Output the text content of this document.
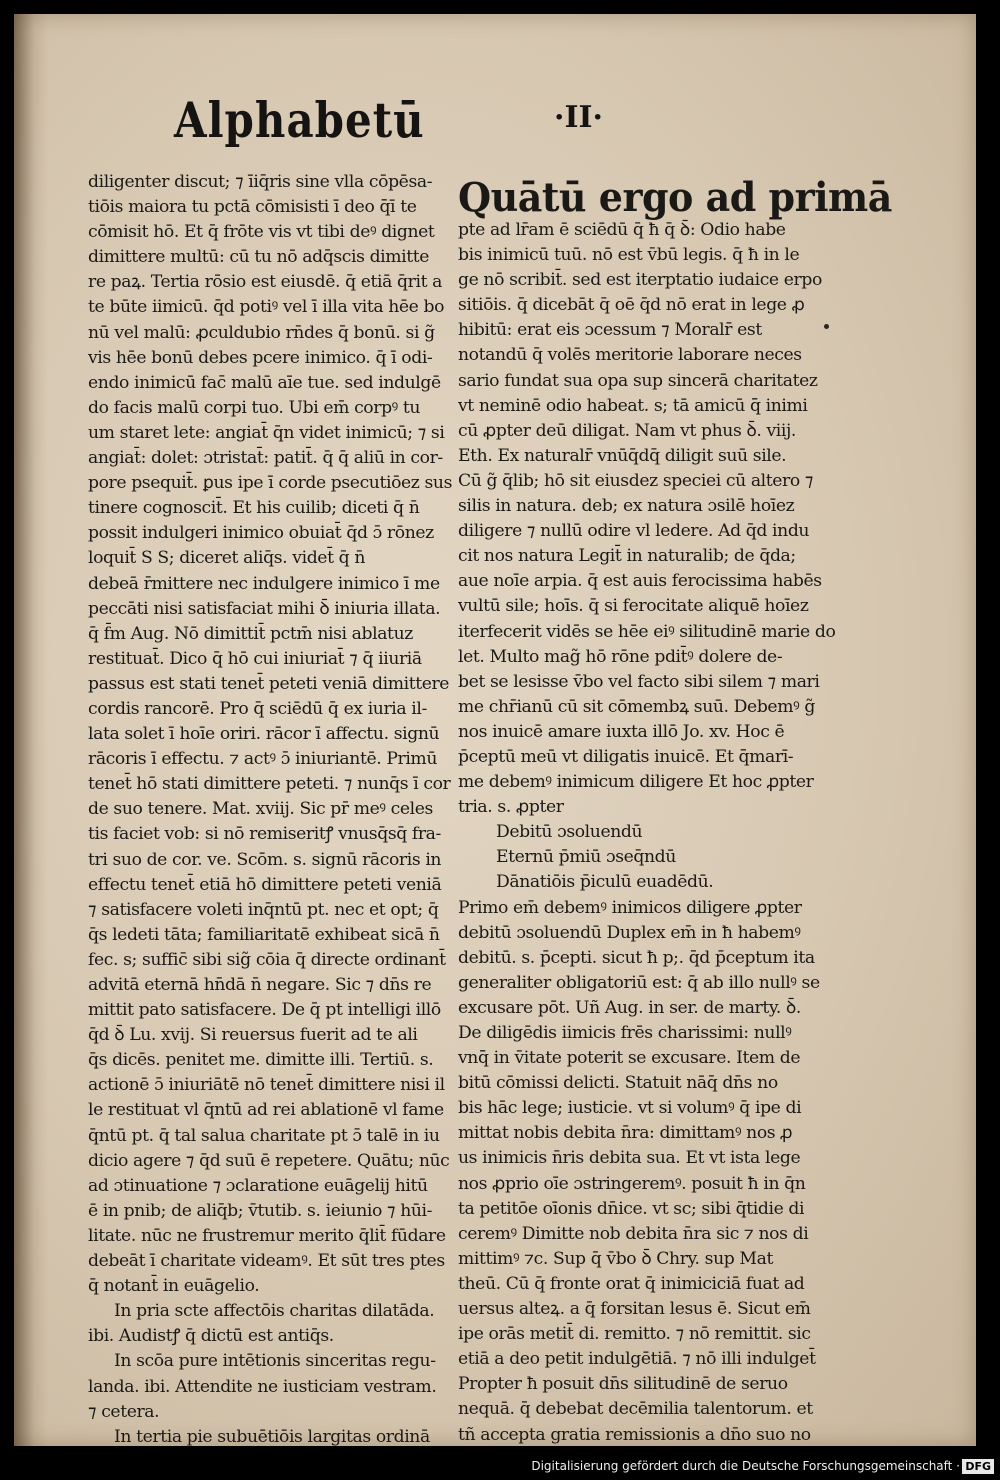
Alphabetū	·II·
diligenter discut; ⁊ īiq̄ris sine vlla cōpēsa-
tiōis maiora tu pctā cōmisisti ī deo q̄̄ī te
cōmisit hō. Et q̄ frōte vis vt tibi deꝰ dignet
dimittere multū: cū tu nō adq̄scis dimitte
re paꝝ. Tertia rōsio est eiusdē. q̄ etiā q̄rit a
te būte iimicū. q̄d potiꝰ vel ī illa vita hēe bo
nū vel malū: ꝓculdubio rn̄des q̄ bonū. si g̃
vis hēe bonū debes pcere inimico. q̄ ī odi-
endo inimicū fac̄ malū aīe tue. sed indulgē
do facis malū corpi tuo. Ubi em̄ corpꝰ tu
um staret lete: angiat̄ q̄n videt inimicū; ⁊ si
angiat̄: dolet: ɔtristat̄: patit̄. q̄ q̄ aliū in cor-
pore psequit̄. ꝑus ipe ī corde psecutiōez sus
tinere cognoscit̄. Et his cuilib; diceti q̄ n̄
possit indulgeri inimico obuiat̄ q̄d ɔ̄ rōnez
loquit̄ S S; diceret aliq̄s. videt̄ q̄ n̄
debeā r̄mittere nec indulgere inimico ī me
peccāti nisi satisfaciat mihi ꝺ̄ iniuria illata.
q̄ f̄m Aug. Nō dimittit̄ pctm̄ nisi ablatuz
restituat̄. Dico q̄ hō cui iniuriat̄ ⁊ q̄ iiuriā
passus est stati tenet̄ peteti veniā dimittere
cordis rancorē. Pro q̄ sciēdū q̄ ex iuria il-
lata solet ī hoīe oriri. rācor ī affectu. signū
rācoris ī effectu. ⁊ actꝰ ɔ̄ iniuriantē. Primū
tenet̄ hō stati dimittere peteti. ⁊ nunq̄s ī cor
de suo tenere. Mat. xviij. Sic pr̄ meꝰ celes
tis faciet vob: si nō remiseritꝭ vnusq̄sq̄ fra-
tri suo de cor. ve. Scōm. s. signū rācoris in
effectu tenet̄ etiā hō dimittere peteti veniā
⁊ satisfacere voleti inq̄ntū pt. nec et opt; q̄
q̄s ledeti tāta; familiaritatē exhibeat sicā n̄
fec. s; suffic̄ sibi sig̃ cōia q̄ directe ordinant̄
advitā eternā hn̄dā n̄ negare. Sic ⁊ dn̄s re
mittit pato satisfacere. De q̄ pt intelligi illō
q̄d ꝺ̄ Lu. xvij. Si reuersus fuerit ad te ali
q̄s dicēs. penitet me. dimitte illi. Tertiū. s.
actionē ɔ̄ iniuriātē nō tenet̄ dimittere nisi il
le restituat vl q̄ntū ad rei ablationē vl fame
q̄ntū pt. q̄ tal salua charitate pt ɔ̄ talē in iu
dicio agere ⁊ q̄d suū ē repetere. Quātu; nūc
ad ɔtinuatione ⁊ ɔclaratione euāgelij hitū
ē in pnib; de aliq̄b; v̄tutib. s. ieiunio ⁊ hūi-
litate. nūc ne frustremur merito q̄lit̄ fūdare
debeāt ī charitate videamꝰ. Et sūt tres ptes
q̄ notant̄ in euāgelio.
In pria scte affectōis charitas dilatāda.
ibi. Audistꝭ q̄ dictū est antiq̄s.
In scōa pure intētionis sinceritas regu-
landa. ibi. Attendite ne iusticiam vestram.
⁊ cetera.
In tertia pie subuētiōis largitas ordinā
Quātū ergo ad primā
pte ad lr̄am ē sciēdū q̄ ħ q̄ ꝺ̄: Odio habe
bis inimicū tuū. nō est v̄bū legis. q̄ ħ in le
ge nō scribit̄. sed est iterptatio iudaice erpo
sitiōis. q̄ dicebāt q̄ oē q̄d nō erat in lege ꝓ
hibitū: erat eis ɔcessum ⁊ Moralr̄ est
notandū q̄ volēs meritorie laborare neces
sario fundat sua opa sup sincerā charitatez
vt neminē odio habeat. s; tā amicū q̄̄ inimi
cū ꝓpter deū diligat. Nam vt phus ꝺ̄. viij.
Eth. Ex naturalr̄ vnūq̄dq̄ diligit suū sile.
Cū g̃ q̄lib; hō sit eiusdez speciei cū altero ⁊
silis in natura. deb; ex natura ɔsilē hoīez
diligere ⁊ nullū odire vl ledere. Ad q̄d indu
cit nos natura Legit̄ in naturalib; de q̄da;
aue noīe arpia. q̄ est auis ferocissima habēs
vultū sile; hoīs. q̄ si ferocitate aliquē hoīez
iterfecerit vidēs se hēe eiꝰ silitudinē marie do
let. Multo mag̃ hō rōne pdit̄ꝰ dolere de-
bet se lesisse v̄bo vel facto sibi silem ⁊ mari
me chr̄ianū cū sit cōmembꝝ suū. Debemꝰ g̃
nos inuicē amare iuxta illō Jo. xv. Hoc ē
p̄ceptū meū vt diligatis inuicē. Et q̄̄marī-
me debemꝰ inimicum diligere Et hoc ꝓpter
tria. s. ꝓpter
Debitū ɔsoluendū
Eternū p̄miū ɔseq̄ndū
Dānatiōis p̄iculū euadēdū.
Primo em̄ debemꝰ inimicos diligere ꝓpter
debitū ɔsoluendū Duplex em̄ in ħ habemꝰ
debitū. s. p̄cepti. sicut ħ p;. q̄d p̄ceptum ita
generaliter obligatoriū est: q̄ ab illo nullꝰ se
excusare pōt. Uñ Aug. in ser. de marty. ꝺ̄.
De diligēdis iimicis frēs charissimi: nullꝰ
vnq̄̄ in v̄itate poterit se excusare. Item de
bitū cōmissi delicti. Statuit nāq̄ dn̄s no
bis hāc lege; iusticie. vt si volumꝰ q̄ ipe di
mittat nobis debita n̄ra: dimittamꝰ nos ꝓ
us inimicis n̄ris debita sua. Et vt ista lege
nos ꝓprio oīe ɔstringeremꝰ. posuit ħ in q̄n
ta petitōe oīonis dn̄ice. vt sc; sibi q̄tidie di
ceremꝰ Dimitte nob debita n̄ra sic ⁊ nos di
mittimꝰ ⁊c. Sup q̄ v̄bo ꝺ̄ Chry. sup Mat
theū. Cū q̄ fronte orat q̄ inimiciciā fuat ad
uersus alteꝝ. a q̄ forsitan lesus ē. Sicut em̄
ipe orās metit̄ di. remitto. ⁊ nō remittit. sic
etiā a deo petit indulgētiā. ⁊ nō illi indulget̄
Propter ħ posuit dn̄s silitudinē de seruo
nequā. q̄ debebat decēmilia talentorum. et
tñ accepta gratia remissionis a dn̄o suo no
Digitalisierung gefördert durch die Deutsche Forschungsgemeinschaft · DFG
